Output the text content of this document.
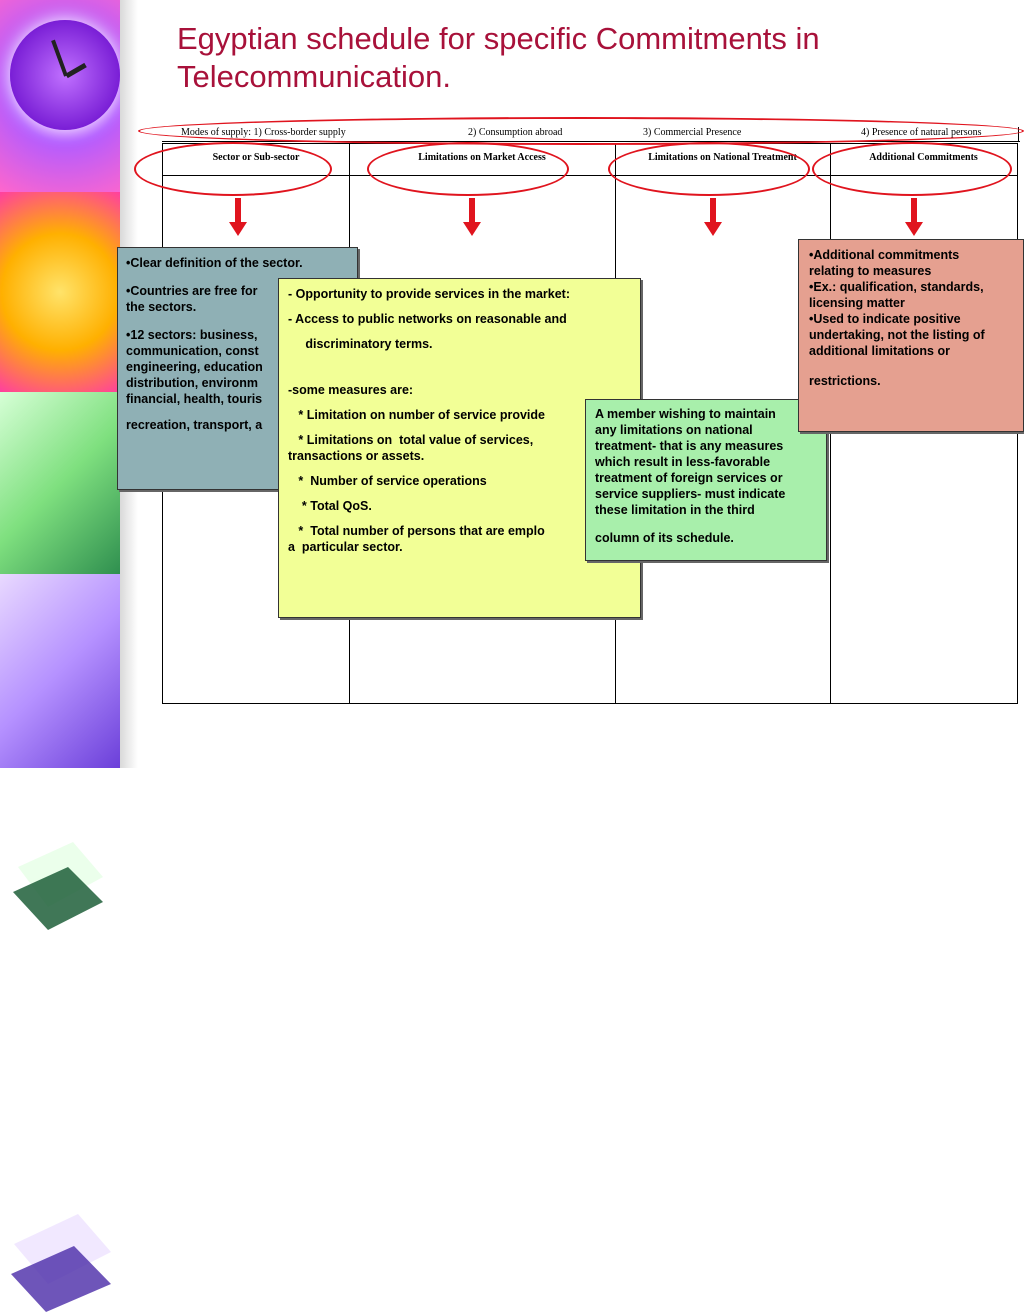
Egyptian schedule for specific Commitments in Telecommunication.
Modes of supply: 1) Cross-border supply	2) Consumption abroad	3) Commercial Presence	4) Presence of natural persons
Sector or Sub-sector	Limitations on Market Access	Limitations on National Treatment	Additional Commitments

•Clear definition of the sector.

•Countries are free for
the sectors.

•12 sectors: business,
communication, const
engineering, education
distribution, environm
financial, health, touris

recreation, transport, a

- Opportunity to provide services in the market:

- Access to public networks on reasonable and

discriminatory terms.

-some measures are:

* Limitation on number of service provide

* Limitations on  total value of services,
transactions or assets.

*  Number of service operations

* Total QoS.

*  Total number of persons that are emplo
a  particular sector.

A member wishing to maintain
any limitations on national
treatment- that is any measures
which result in less-favorable
treatment of foreign services or
service suppliers- must indicate
these limitation in the third

column of its schedule.

•Additional commitments
relating to measures
•Ex.: qualification, standards,
licensing matter
•Used to indicate positive
undertaking, not the listing of
additional limitations or

restrictions.
